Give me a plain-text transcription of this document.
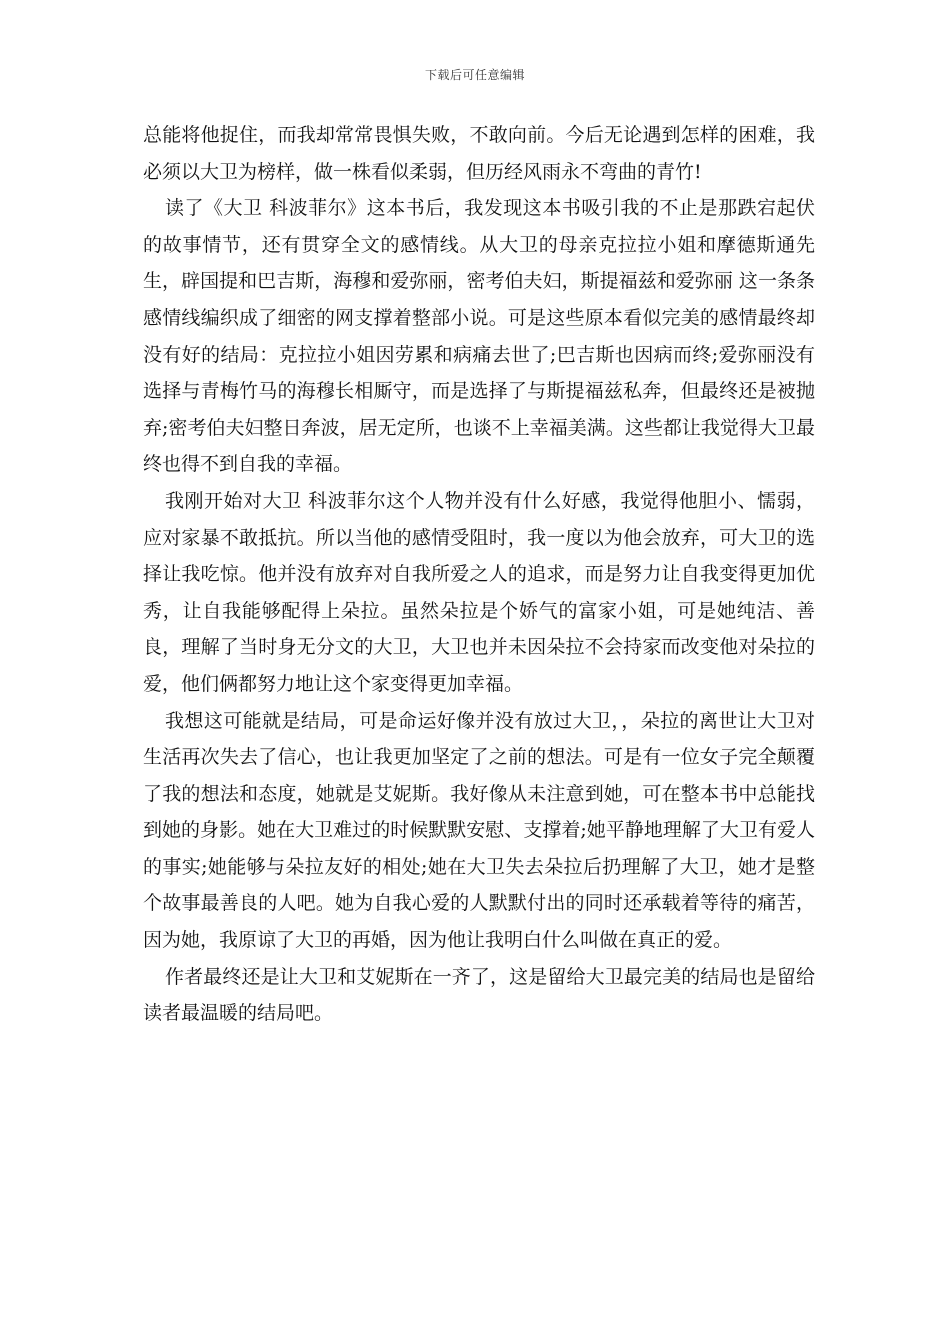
下载后可任意编辑

总能将他捉住，而我却常常畏惧失败，不敢向前。今后无论遇到怎样的困难，我必须以大卫为榜样，做一株看似柔弱，但历经风雨永不弯曲的青竹!

读了《大卫 科波菲尔》这本书后，我发现这本书吸引我的不止是那跌宕起伏的故事情节，还有贯穿全文的感情线。从大卫的母亲克拉拉小姐和摩德斯通先生，辟国提和巴吉斯，海穆和爱弥丽，密考伯夫妇，斯提福兹和爱弥丽 这一条条感情线编织成了细密的网支撑着整部小说。可是这些原本看似完美的感情最终却没有好的结局：克拉拉小姐因劳累和病痛去世了;巴吉斯也因病而终;爱弥丽没有选择与青梅竹马的海穆长相厮守，而是选择了与斯提福兹私奔，但最终还是被抛弃;密考伯夫妇整日奔波，居无定所，也谈不上幸福美满。这些都让我觉得大卫最终也得不到自我的幸福。

我刚开始对大卫 科波菲尔这个人物并没有什么好感，我觉得他胆小、懦弱，应对家暴不敢抵抗。所以当他的感情受阻时，我一度以为他会放弃，可大卫的选择让我吃惊。他并没有放弃对自我所爱之人的追求，而是努力让自我变得更加优秀，让自我能够配得上朵拉。虽然朵拉是个娇气的富家小姐，可是她纯洁、善良，理解了当时身无分文的大卫，大卫也并未因朵拉不会持家而改变他对朵拉的爱，他们俩都努力地让这个家变得更加幸福。

我想这可能就是结局，可是命运好像并没有放过大卫，，朵拉的离世让大卫对生活再次失去了信心，也让我更加坚定了之前的想法。可是有一位女子完全颠覆了我的想法和态度，她就是艾妮斯。我好像从未注意到她，可在整本书中总能找到她的身影。她在大卫难过的时候默默安慰、支撑着;她平静地理解了大卫有爱人的事实;她能够与朵拉友好的相处;她在大卫失去朵拉后扔理解了大卫，她才是整个故事最善良的人吧。她为自我心爱的人默默付出的同时还承载着等待的痛苦，因为她，我原谅了大卫的再婚，因为他让我明白什么叫做在真正的爱。

作者最终还是让大卫和艾妮斯在一齐了，这是留给大卫最完美的结局也是留给读者最温暖的结局吧。
